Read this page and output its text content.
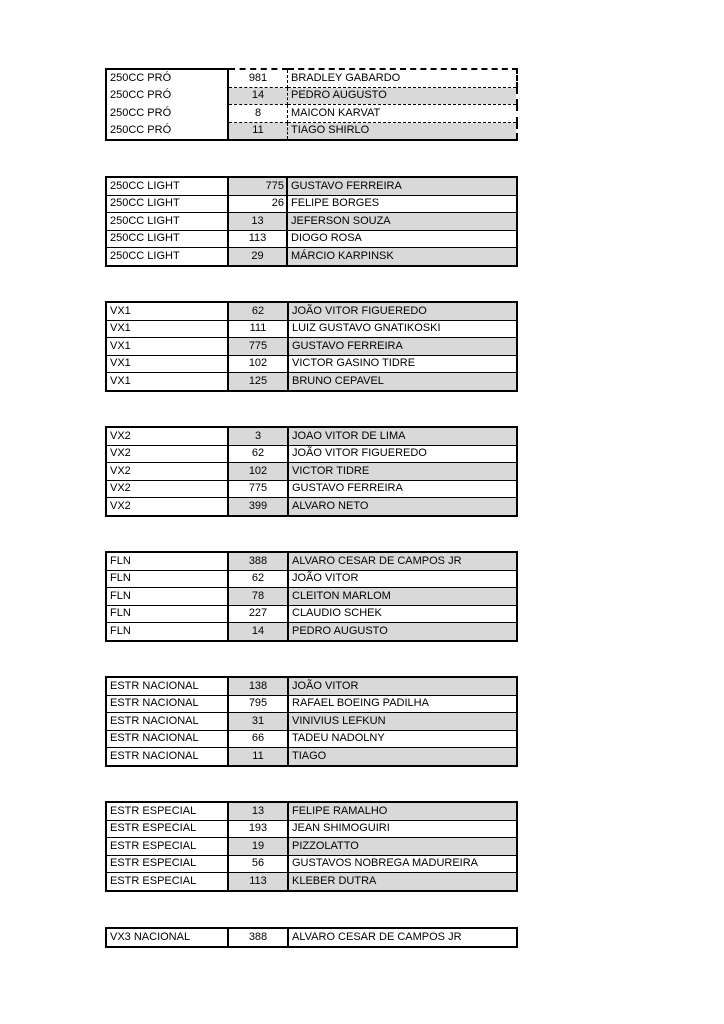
250CC PRÓ	981	BRADLEY GABARDO
250CC PRÓ	14	PEDRO AUGUSTO
250CC PRÓ	8	MAICON KARVAT
250CC PRÓ	11	TIAGO SHIRLO
250CC LIGHT	775	GUSTAVO FERREIRA
250CC LIGHT	26	FELIPE BORGES
250CC LIGHT	13	JEFERSON SOUZA
250CC LIGHT	113	DIOGO ROSA
250CC LIGHT	29	MÁRCIO KARPINSK
VX1	62	JOÃO VITOR FIGUEREDO
VX1	111	LUIZ GUSTAVO GNATIKOSKI
VX1	775	GUSTAVO FERREIRA
VX1	102	VICTOR GASINO TIDRE
VX1	125	BRUNO CEPAVEL
VX2	3	JOAO VITOR DE LIMA
VX2	62	JOÃO VITOR FIGUEREDO
VX2	102	VICTOR TIDRE
VX2	775	GUSTAVO FERREIRA
VX2	399	ALVARO NETO
FLN	388	ALVARO CESAR DE CAMPOS JR
FLN	62	JOÃO VITOR
FLN	78	CLEITON MARLOM
FLN	227	CLAUDIO SCHEK
FLN	14	PEDRO AUGUSTO
ESTR NACIONAL	138	JOÃO VITOR
ESTR NACIONAL	795	RAFAEL BOEING PADILHA
ESTR NACIONAL	31	VINIVIUS LEFKUN
ESTR NACIONAL	66	TADEU NADOLNY
ESTR NACIONAL	11	TIAGO
ESTR ESPECIAL	13	FELIPE RAMALHO
ESTR ESPECIAL	193	JEAN SHIMOGUIRI
ESTR ESPECIAL	19	PIZZOLATTO
ESTR ESPECIAL	56	GUSTAVOS NOBREGA MADUREIRA
ESTR ESPECIAL	113	KLEBER DUTRA
VX3 NACIONAL	388	ALVARO CESAR DE CAMPOS JR
